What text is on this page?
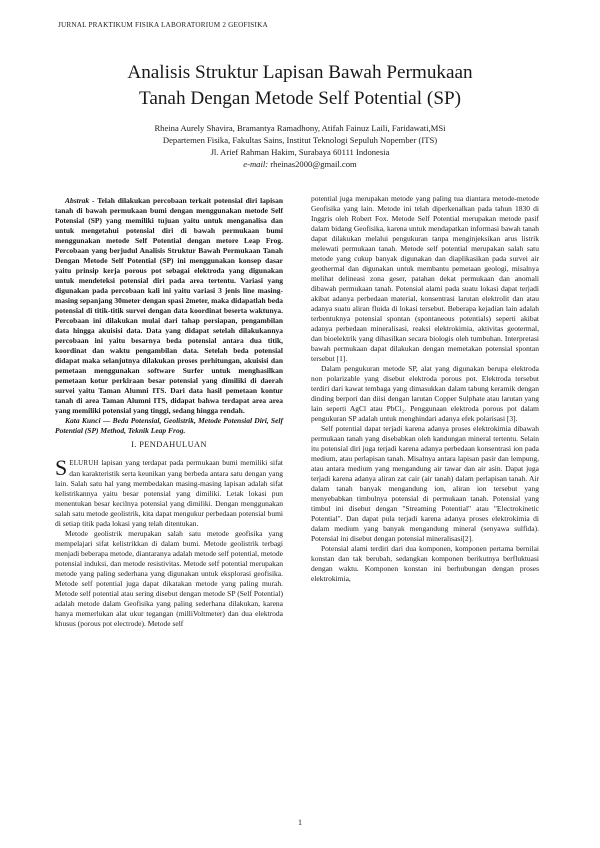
JURNAL PRAKTIKUM FISIKA LABORATORIUM 2 GEOFISIKA
Analisis Struktur Lapisan Bawah Permukaan
Tanah Dengan Metode Self Potential (SP)
Rheina Aurely Shavira, Bramantya Ramadhony, Atifah Fainuz Laili, Faridawati,MSi
Departemen Fisika, Fakultas Sains, Institut Teknologi Sepuluh Nopember (ITS)
Jl. Arief Rahman Hakim, Surabaya 60111 Indonesia
e-mail: rheinas2000@gmail.com

Abstrak - Telah dilakukan percobaan terkait potensial diri lapisan tanah di bawah permukaan bumi dengan menggunakan metode Self Potensial (SP) yang memiliki tujuan yaitu untuk menganalisa dan untuk mengetahui potensial diri di bawah permukaan bumi menggunakan metode Self Potential dengan metore Leap Frog. Percobaan yang berjudul Analisis Struktur Bawah Permukaan Tanah Dengan Metode Self Potential (SP) ini menggunakan konsep dasar yaitu prinsip kerja porous pot sebagai elektroda yang digunakan untuk mendeteksi potensial diri pada area tertentu. Variasi yang digunakan pada percobaan kali ini yaitu variasi 3 jenis line masing-masing sepanjang 30meter dengan spasi 2meter, maka didapatlah beda potensial di titik-titik survei dengan data koordinat beserta waktunya. Percobaan ini dilakukan mulai dari tahap persiapan, pengambilan data hingga akuisisi data. Data yang didapat setelah dilakukannya percobaan ini yaitu besarnya beda potensial antara dua titik, koordinat dan waktu pengambilan data. Setelah beda potensial didapat maka selanjutnya dilakukan proses perhitungan, akuisisi dan pemetaan menggunakan software Surfer untuk menghasilkan pemetaan kotur perkiraan besar potensial yang dimiliki di daerah survei yaitu Taman Alumni ITS. Dari data hasil pemetaan kontur tanah di area Taman Alumni ITS, didapat bahwa terdapat area area yang memiliki potensial yang tinggi, sedang hingga rendah.

Kata Kunci — Beda Potensial, Geolistrik, Metode Potensial Diri, Self Potential (SP) Method, Teknik Leap Frog.

I. PENDAHULUAN

SELURUH lapisan yang terdapat pada permukaan bumi memiliki sifat dan karakteristik serta keunikan yang berbeda antara satu dengan yang lain. Salah satu hal yang membedakan masing-masing lapisan adalah sifat kelistrikannya yaitu besar potensial yang dimiliki. Letak lokasi pun menentukan besar kecilnya potensial yang dimiliki. Dengan menggunakan salah satu metode geolistrik, kita dapat mengukur perbedaan potensial bumi di setiap titik pada lokasi yang telah ditentukan.

Metode geolistrik merupakan salah satu metode geofisika yang mempelajari sifat kelistrikkan di dalam bumi. Metode geolistrik terbagi menjadi beberapa metode, diantaranya adalah metode self potential, metode potensial induksi, dan metode resistivitas. Metode self potential merupakan metode yang paling sederhana yang digunakan untuk eksplorasi geofisika. Metode self potential juga dapat dikatakan metode yang paling murah. Metode self potential atau sering disebut dengan metode SP (Self Potential) adalah metode dalam Geofisika yang paling sederhana dilakukan, karena hanya memerlukan alat ukur tegangan (milliVoltmeter) dan dua elektroda khusus (porous pot electrode). Metode self

potential juga merupakan metode yang paling tua diantara metode-metode Geofisika yang lain. Metode ini telah diperkenalkan pada tahun 1830 di Inggris oleh Robert Fox. Metode Self Potential merupakan metode pasif dalam bidang Geofisika, karena untuk mendapatkan informasi bawah tanah dapat dilakukan melalui pengukuran tanpa menginjeksikan arus listrik melewati permukaan tanah. Metode self potential merupakan salah satu metode yang cukup banyak digunakan dan diaplikasikan pada survei air geothermal dan digunakan untuk membantu pemetaan geologi, misalnya melihat delineasi zona geser, patahan dekat permukaan dan anomali dibawah permukaan tanah. Potensial alami pada suatu lokasi dapat terjadi akibat adanya perbedaan material, konsentrasi larutan elektrolit dan atau adanya suatu aliran fluida di lokasi tersebut. Beberapa kejadian lain adalah terbentuknya potensial spontan (spontaneous potentials) seperti akibat adanya perbedaan mineralisasi, reaksi elektrokimia, aktivitas geotermal, dan bioelektrik yang dihasilkan secara biologis oleh tumbuhan. Interpretasi bawah permukaan dapat dilakukan dengan memetakan potensial spontan tersebut [1].

Dalam pengukuran metode SP, alat yang digunakan berupa elektroda non polarizable yang disebut elektroda porous pot. Elektroda tersebut terdiri dari kawat tembaga yang dimasukkan dalam tabung keramik dengan dinding berpori dan diisi dengan larutan Copper Sulphate atau larutan yang lain seperti AgCl atau PbCl₂. Penggunaan elektroda porous pot dalam pengukuran SP adalah untuk menghindari adanya efek polarisasi [3].

Self potential dapat terjadi karena adanya proses elektrokimia dibawah permukaan tanah yang disebabkan oleh kandungan mineral tertentu. Selain itu potensial diri juga terjadi karena adanya perbedaan konsentrasi ion pada medium, atau perlapisan tanah. Misalnya antara lapisan pasir dan lempung, atau antara medium yang mengandung air tawar dan air asin. Dapat juga terjadi karena adanya aliran zat cair (air tanah) dalam perlapisan tanah. Air dalam tanah banyak mengandung ion, aliran ion tersebut yang menyebabkan timbulnya potensial di permukaan tanah. Potensial yang timbul ini disebut dengan "Streaming Potential" atau "Electrokinetic Potential". Dan dapat pula terjadi karena adanya proses elektrokimia di dalam medium yang banyak mengandung mineral (senyawa sulfida). Potensial ini disebut dengan potensial mineralisasi[2].

Potensial alami terdiri dari dua komponen, komponen pertama bernilai konstan dan tak berubah, sedangkan komponen berikutnya berfluktuasi dengan waktu. Komponen konstan ini berhubungan dengan proses elektrokimia,

1
